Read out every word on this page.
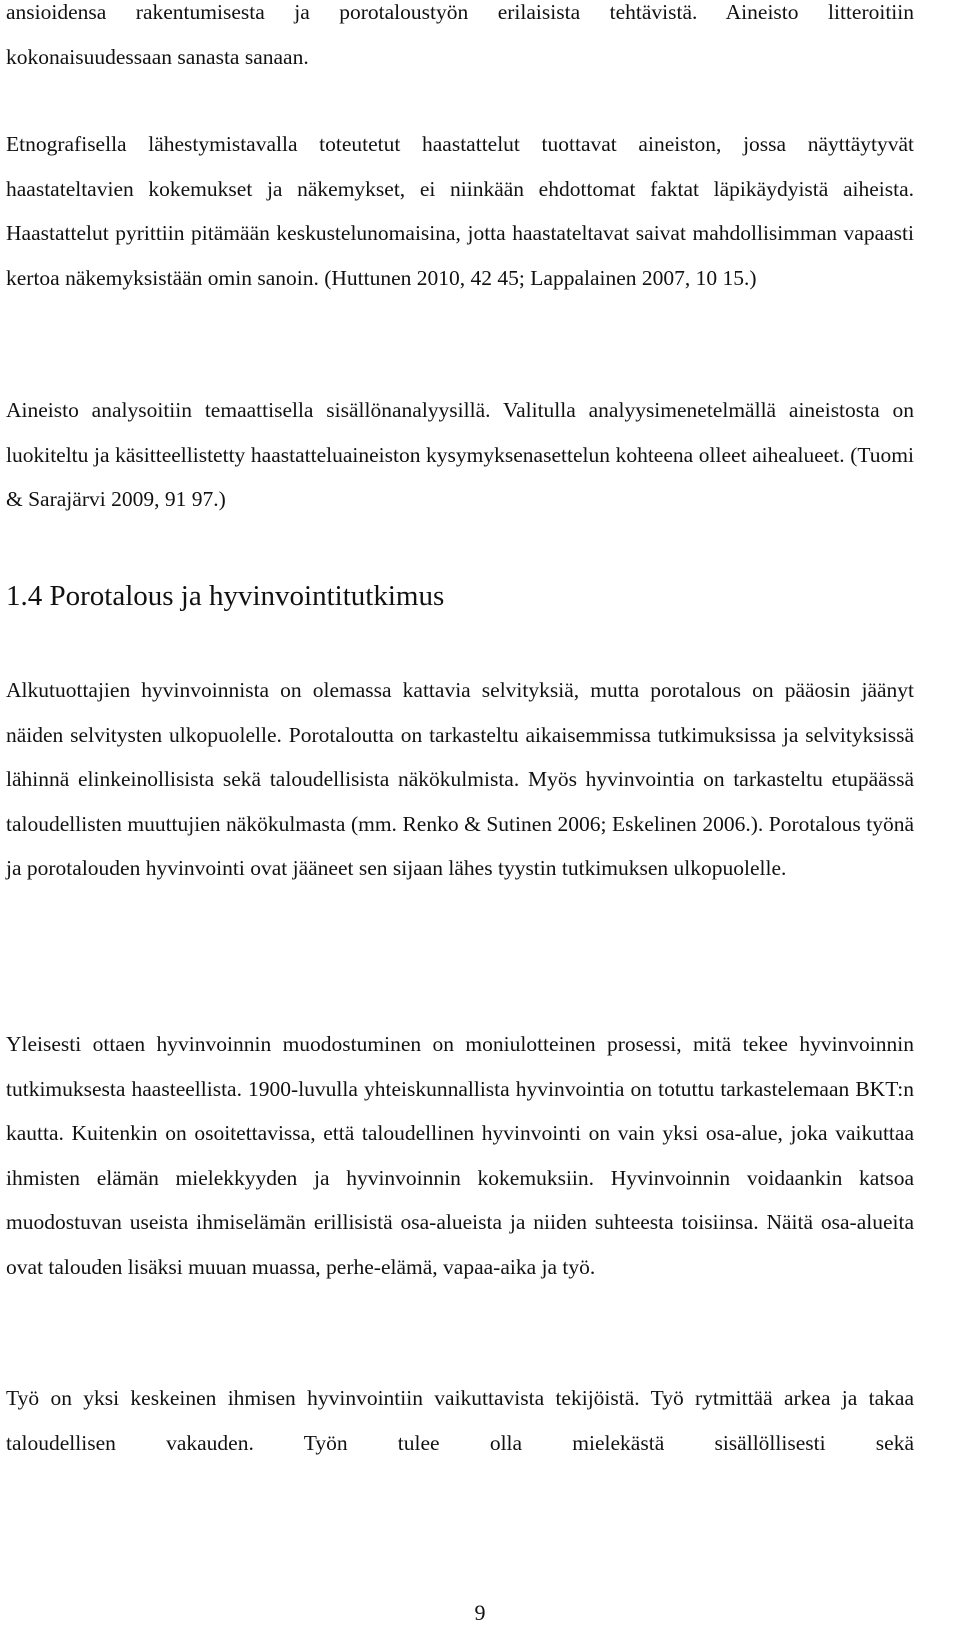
ansioidensa rakentumisesta ja porotaloustyön erilaisista tehtävistä. Aineisto litteroitiin kokonaisuudessaan sanasta sanaan.

Etnografisella lähestymistavalla toteutetut haastattelut tuottavat aineiston, jossa näyttäytyvät haastateltavien kokemukset ja näkemykset, ei niinkään ehdottomat faktat läpikäydyistä aiheista. Haastattelut pyrittiin pitämään keskustelunomaisina, jotta haastateltavat saivat mahdollisimman vapaasti kertoa näkemyksistään omin sanoin. (Huttunen 2010, 42 45; Lappalainen 2007, 10 15.)

Aineisto analysoitiin temaattisella sisällönanalyysillä. Valitulla analyysimenetelmällä aineistosta on luokiteltu ja käsitteellistetty haastatteluaineiston kysymyksenasettelun kohteena olleet aihealueet. (Tuomi & Sarajärvi 2009, 91 97.)

1.4 Porotalous ja hyvinvointitutkimus

Alkutuottajien hyvinvoinnista on olemassa kattavia selvityksiä, mutta porotalous on pääosin jäänyt näiden selvitysten ulkopuolelle. Porotaloutta on tarkasteltu aikaisemmissa tutkimuksissa ja selvityksissä lähinnä elinkeinollisista sekä taloudellisista näkökulmista. Myös hyvinvointia on tarkasteltu etupäässä taloudellisten muuttujien näkökulmasta (mm. Renko & Sutinen 2006; Eskelinen 2006.). Porotalous työnä ja porotalouden hyvinvointi ovat jääneet sen sijaan lähes tyystin tutkimuksen ulkopuolelle.

Yleisesti ottaen hyvinvoinnin muodostuminen on moniulotteinen prosessi, mitä tekee hyvinvoinnin tutkimuksesta haasteellista. 1900-luvulla yhteiskunnallista hyvinvointia on totuttu tarkastelemaan BKT:n kautta. Kuitenkin on osoitettavissa, että taloudellinen hyvinvointi on vain yksi osa-alue, joka vaikuttaa ihmisten elämän mielekkyyden ja hyvinvoinnin kokemuksiin. Hyvinvoinnin voidaankin katsoa muodostuvan useista ihmiselämän erillisistä osa-alueista ja niiden suhteesta toisiinsa. Näitä osa-alueita ovat talouden lisäksi muuan muassa, perhe-elämä, vapaa-aika ja työ.

Työ on yksi keskeinen ihmisen hyvinvointiin vaikuttavista tekijöistä. Työ rytmittää arkea ja takaa taloudellisen vakauden. Työn tulee olla mielekästä sisällöllisesti sekä

9
